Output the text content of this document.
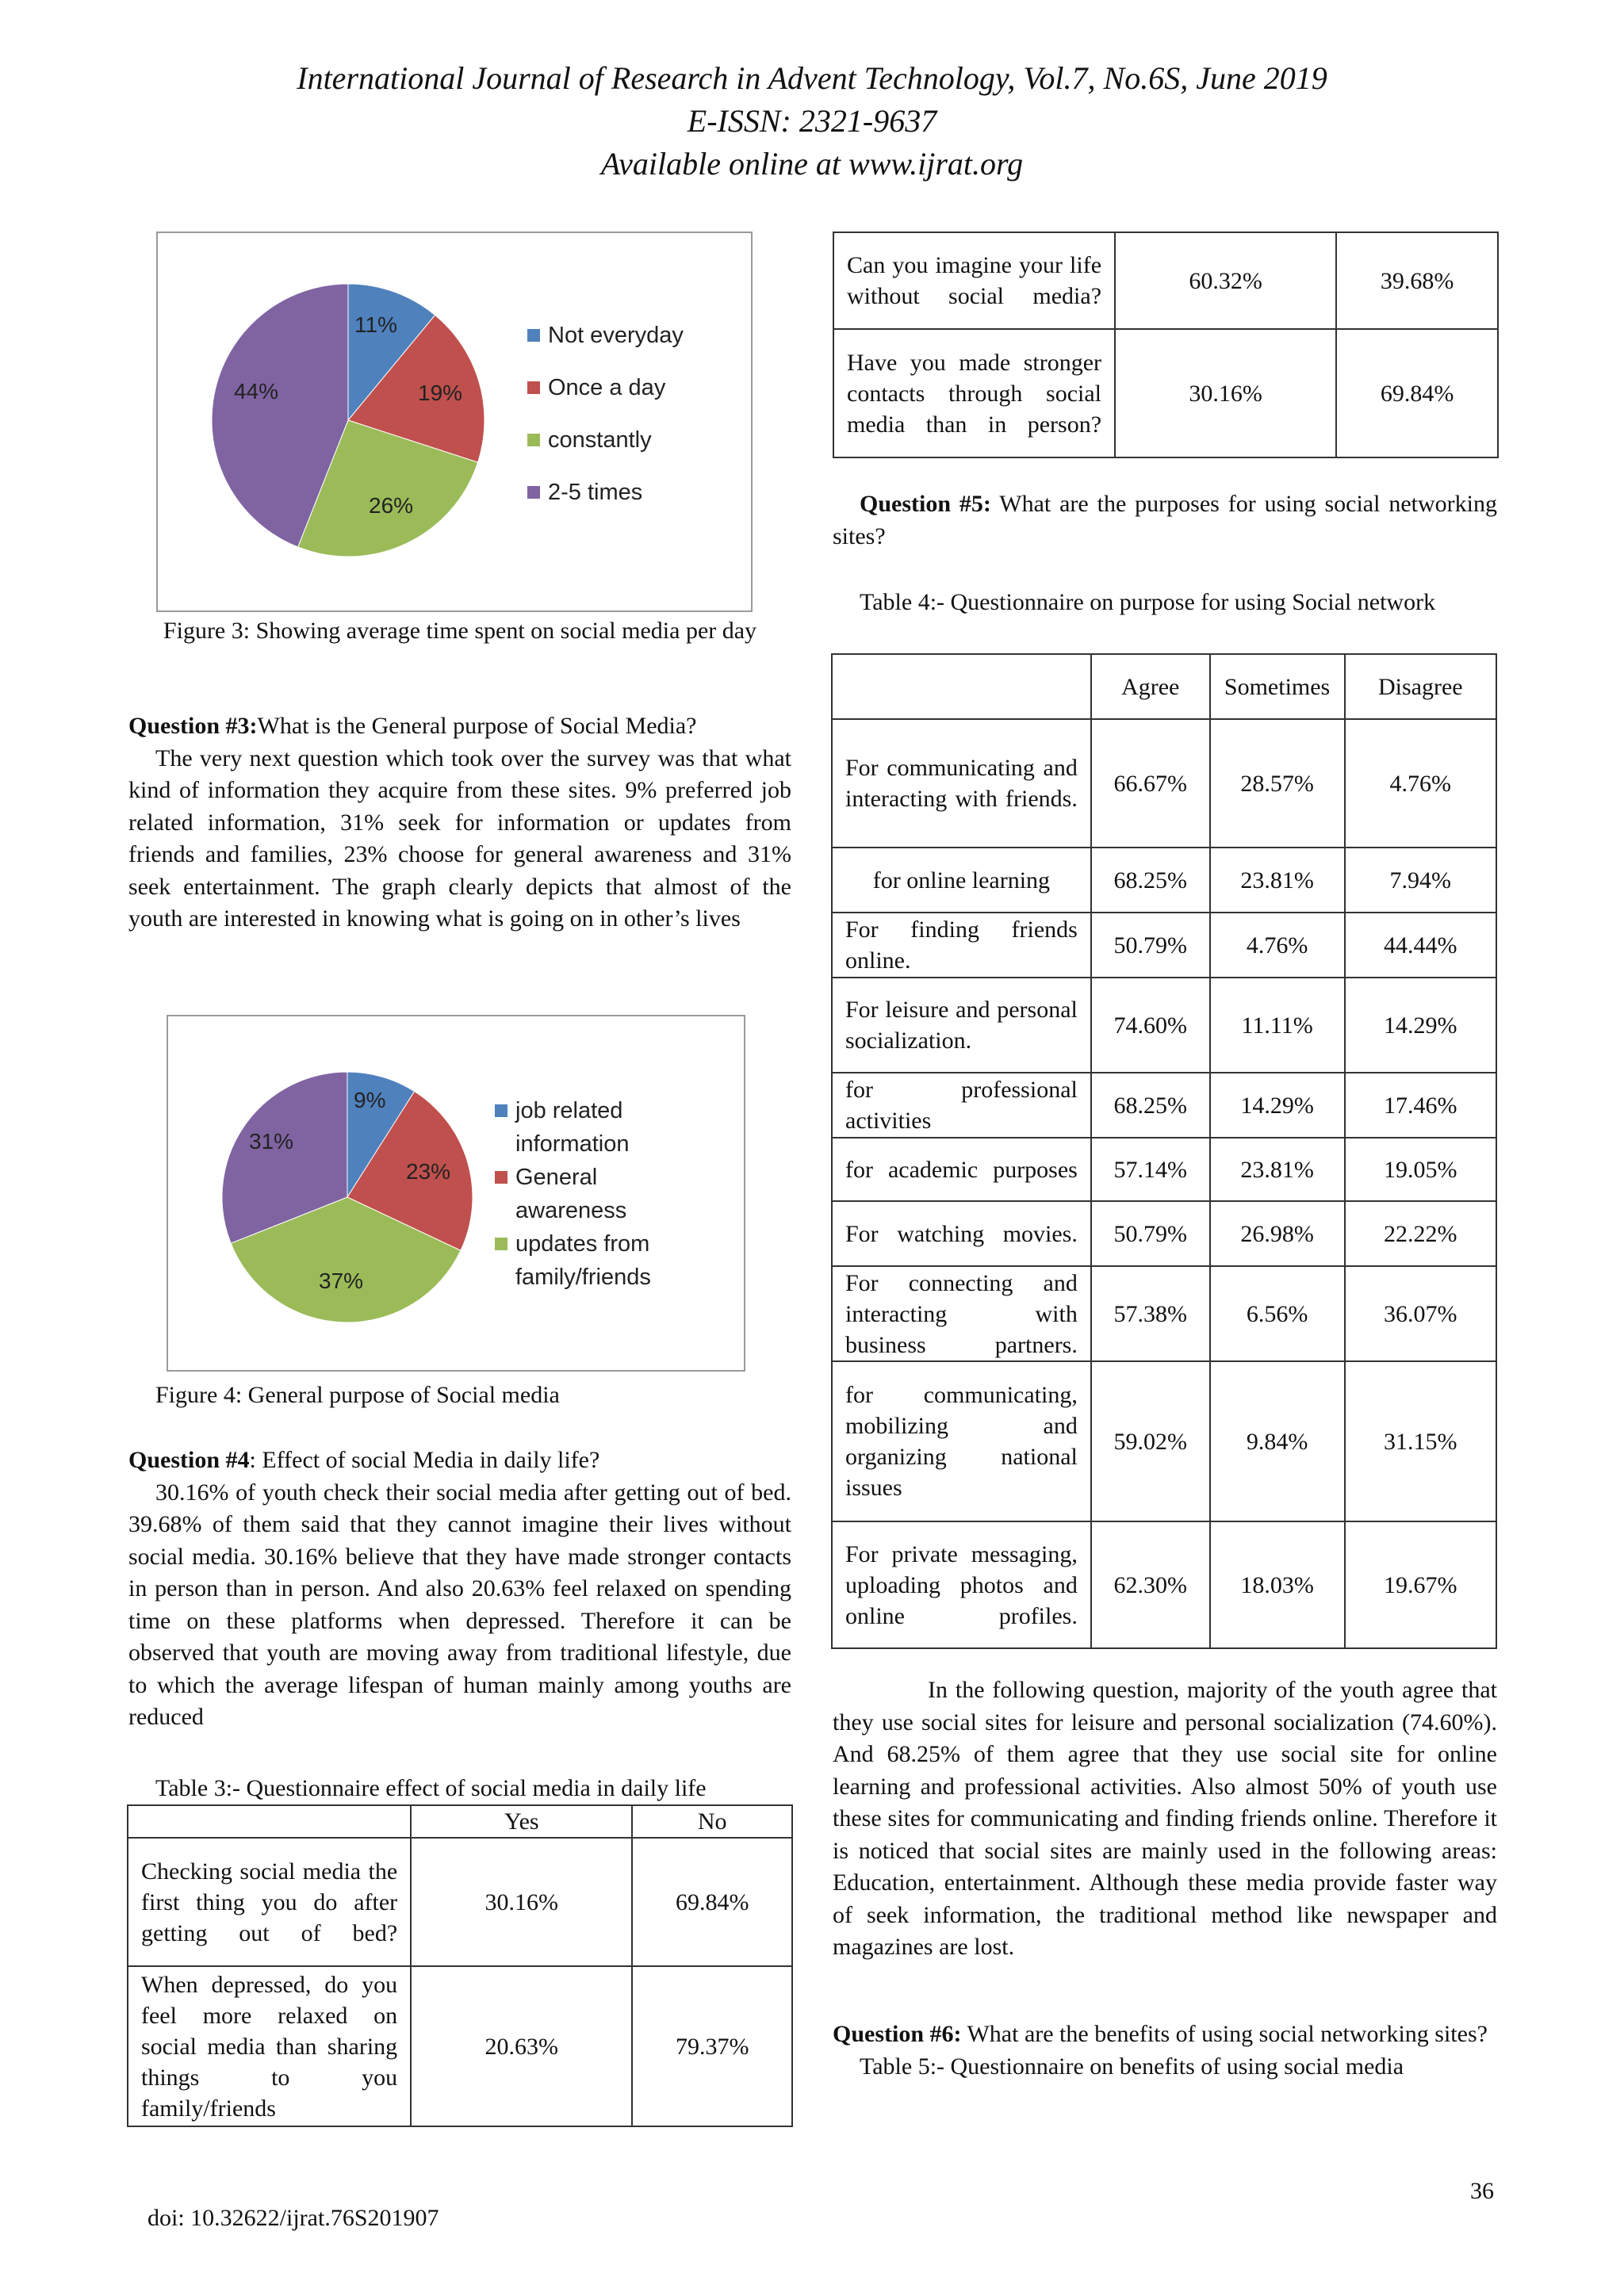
International Journal of Research in Advent Technology, Vol.7, No.6S, June 2019
E-ISSN: 2321-9637
Available online at www.ijrat.org
11%
19%
26%
44%
Not everyday
Once a day
constantly
2-5 times
Figure 3: Showing average time spent on social media per day

Question #3:What is the General purpose of Social Media?

The very next question which took over the survey was that what kind of information they acquire from these sites. 9% preferred job related information, 31% seek for information or updates from friends and families, 23% choose for general awareness and 31% seek entertainment. The graph clearly depicts that almost of the youth are interested in knowing what is going on in other’s lives

9%
23%
37%
31%
job related information
General awareness
updates from family/friends
Figure 4: General purpose of Social media

Question #4: Effect of social Media in daily life?

30.16% of youth check their social media after getting out of bed. 39.68% of them said that they cannot imagine their lives without social media. 30.16% believe that they have made stronger contacts in person than in person. And also 20.63% feel relaxed on spending time on these platforms when depressed. Therefore it can be observed that youth are moving away from traditional lifestyle, due to which the average lifespan of human mainly among youths are reduced

Table 3:- Questionnaire effect of social media in daily life
	Yes	No
Checking social media the first thing you do after getting out of bed?	30.16%	69.84%
When depressed, do you feel more relaxed on social media than sharing things to you family/friends	20.63%	79.37%
Can you imagine your life without social media?	60.32%	39.68%
Have you made stronger contacts through social media than in person?	30.16%	69.84%

Question #5: What are the purposes for using social networking sites?

Table 4:- Questionnaire on purpose for using Social network

	Agree	Sometimes	Disagree
For communicating and interacting with friends.	66.67%	28.57%	4.76%
for online learning	68.25%	23.81%	7.94%
For finding friends online.	50.79%	4.76%	44.44%
For leisure and personal socialization.	74.60%	11.11%	14.29%
for professional activities	68.25%	14.29%	17.46%
for academic purposes	57.14%	23.81%	19.05%
For watching movies.	50.79%	26.98%	22.22%
For connecting and interacting with business partners.	57.38%	6.56%	36.07%
for communicating, mobilizing and organizing national issues	59.02%	9.84%	31.15%
For private messaging, uploading photos and online profiles.	62.30%	18.03%	19.67%

In the following question, majority of the youth agree that they use social sites for leisure and personal socialization (74.60%). And 68.25% of them agree that they use social site for online learning and professional activities. Also almost 50% of youth use these sites for communicating and finding friends online. Therefore it is noticed that social sites are mainly used in the following areas: Education, entertainment. Although these media provide faster way of seek information, the traditional method like newspaper and magazines are lost.

Question #6: What are the benefits of using social networking sites?

Table 5:- Questionnaire on benefits of using social media

doi: 10.32622/ijrat.76S201907
36
